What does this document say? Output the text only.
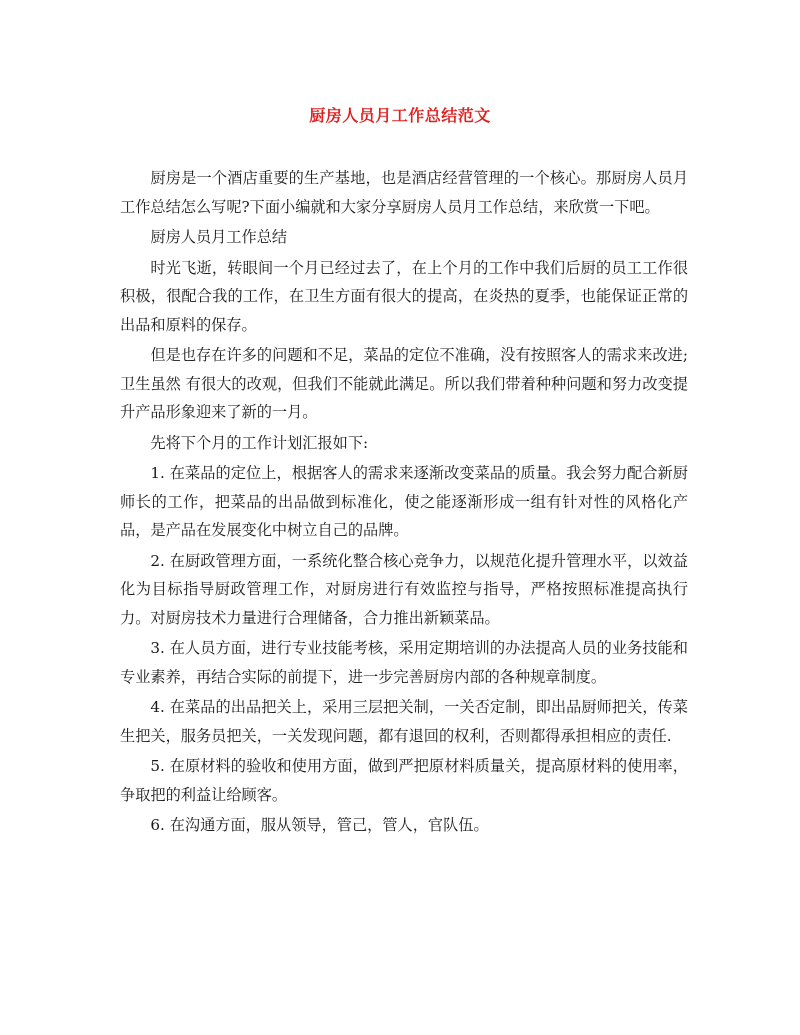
厨房人员月工作总结范文

厨房是一个酒店重要的生产基地，也是酒店经营管理的一个核心。那厨房人员月工作总结怎么写呢?下面小编就和大家分享厨房人员月工作总结，来欣赏一下吧。

厨房人员月工作总结

时光飞逝，转眼间一个月已经过去了，在上个月的工作中我们后厨的员工工作很积极，很配合我的工作，在卫生方面有很大的提高，在炎热的夏季，也能保证正常的出品和原料的保存。

但是也存在许多的问题和不足，菜品的定位不准确，没有按照客人的需求来改进;卫生虽然 有很大的改观，但我们不能就此满足。所以我们带着种种问题和努力改变提升产品形象迎来了新的一月。

先将下个月的工作计划汇报如下:

1. 在菜品的定位上，根据客人的需求来逐渐改变菜品的质量。我会努力配合新厨师长的工作，把菜品的出品做到标准化，使之能逐渐形成一组有针对性的风格化产品，是产品在发展变化中树立自己的品牌。

2. 在厨政管理方面，一系统化整合核心竞争力，以规范化提升管理水平，以效益化为目标指导厨政管理工作，对厨房进行有效监控与指导，严格按照标准提高执行力。对厨房技术力量进行合理储备，合力推出新颖菜品。

3. 在人员方面，进行专业技能考核，采用定期培训的办法提高人员的业务技能和专业素养，再结合实际的前提下，进一步完善厨房内部的各种规章制度。

4. 在菜品的出品把关上，采用三层把关制，一关否定制，即出品厨师把关，传菜生把关，服务员把关，一关发现问题，都有退回的权利，否则都得承担相应的责任.

5. 在原材料的验收和使用方面，做到严把原材料质量关，提高原材料的使用率，争取把的利益让给顾客。

6. 在沟通方面，服从领导，管己，管人，官队伍。
